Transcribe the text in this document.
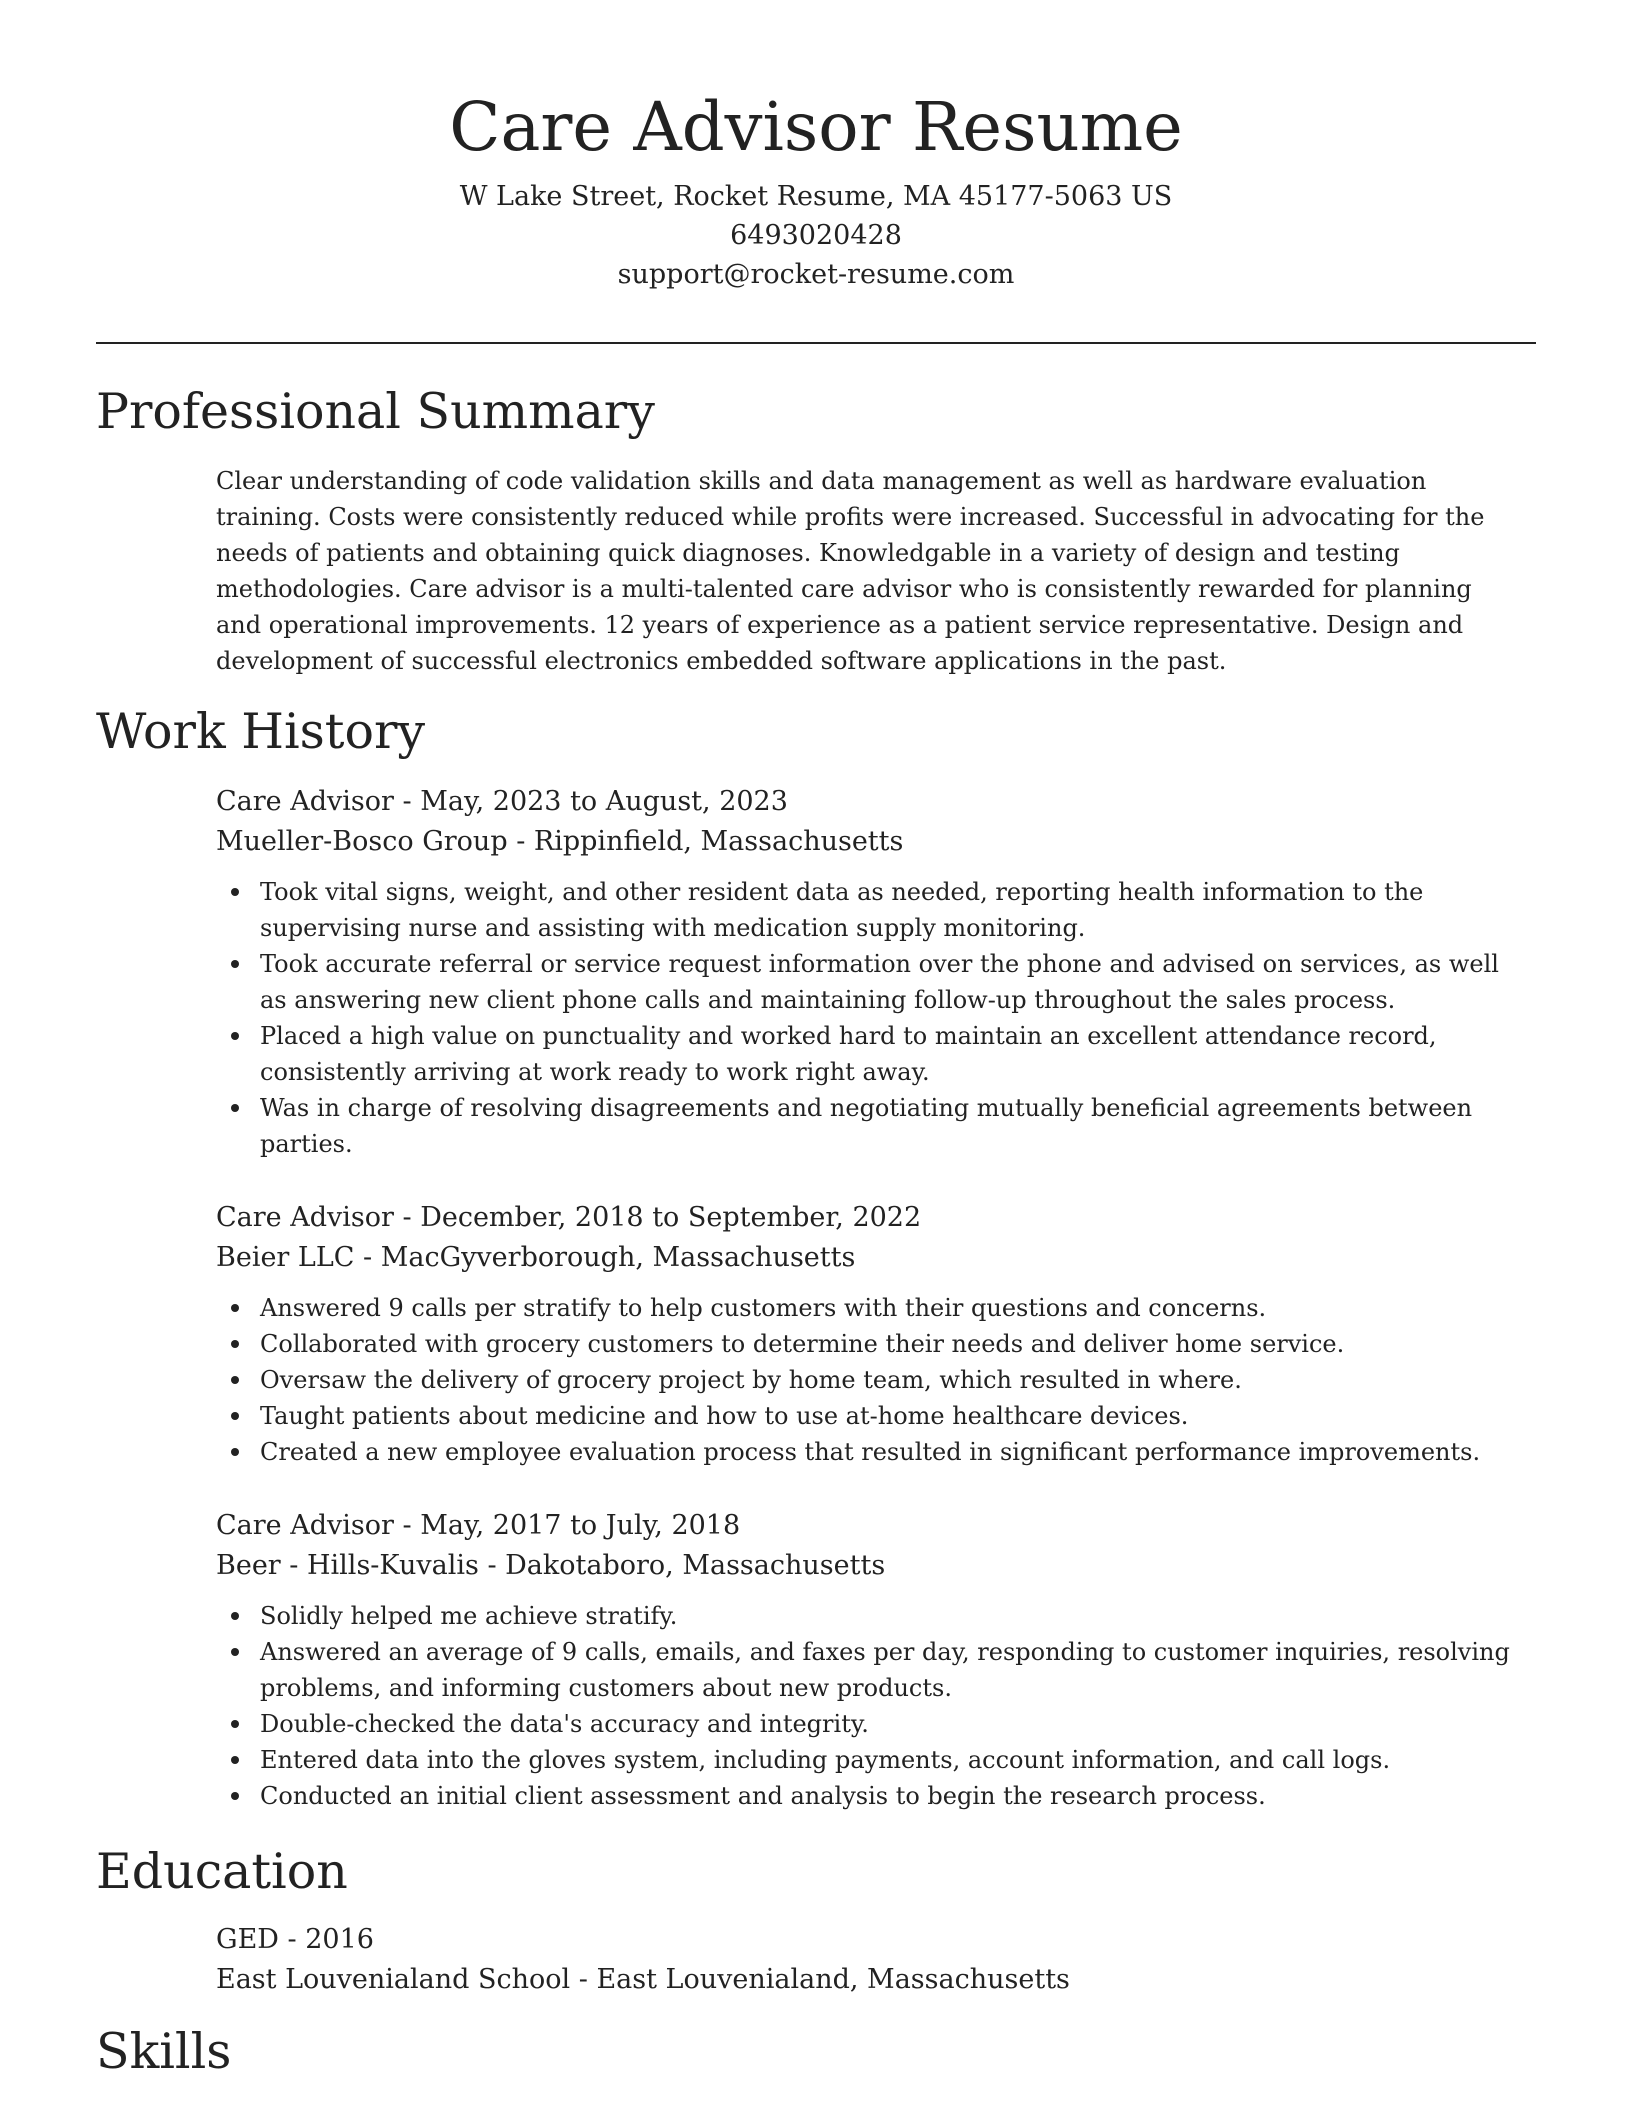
Care Advisor Resume
W Lake Street, Rocket Resume, MA 45177-5063 US
6493020428
support@rocket-resume.com
Professional Summary

Clear understanding of code validation skills and data management as well as hardware evaluation training. Costs were consistently reduced while profits were increased. Successful in advocating for the needs of patients and obtaining quick diagnoses. Knowledgable in a variety of design and testing methodologies. Care advisor is a multi-talented care advisor who is consistently rewarded for planning and operational improvements. 12 years of experience as a patient service representative. Design and development of successful electronics embedded software applications in the past.

Work History
Care Advisor - May, 2023 to August, 2023
Mueller-Bosco Group - Rippinfield, Massachusetts
Took vital signs, weight, and other resident data as needed, reporting health information to the supervising nurse and assisting with medication supply monitoring.
Took accurate referral or service request information over the phone and advised on services, as well as answering new client phone calls and maintaining follow-up throughout the sales process.
Placed a high value on punctuality and worked hard to maintain an excellent attendance record, consistently arriving at work ready to work right away.
Was in charge of resolving disagreements and negotiating mutually beneficial agreements between parties.
Care Advisor - December, 2018 to September, 2022
Beier LLC - MacGyverborough, Massachusetts
Answered 9 calls per stratify to help customers with their questions and concerns.
Collaborated with grocery customers to determine their needs and deliver home service.
Oversaw the delivery of grocery project by home team, which resulted in where.
Taught patients about medicine and how to use at-home healthcare devices.
Created a new employee evaluation process that resulted in significant performance improvements.
Care Advisor - May, 2017 to July, 2018
Beer - Hills-Kuvalis - Dakotaboro, Massachusetts
Solidly helped me achieve stratify.
Answered an average of 9 calls, emails, and faxes per day, responding to customer inquiries, resolving problems, and informing customers about new products.
Double-checked the data's accuracy and integrity.
Entered data into the gloves system, including payments, account information, and call logs.
Conducted an initial client assessment and analysis to begin the research process.
Education
GED - 2016
East Louvenialand School - East Louvenialand, Massachusetts
Skills
